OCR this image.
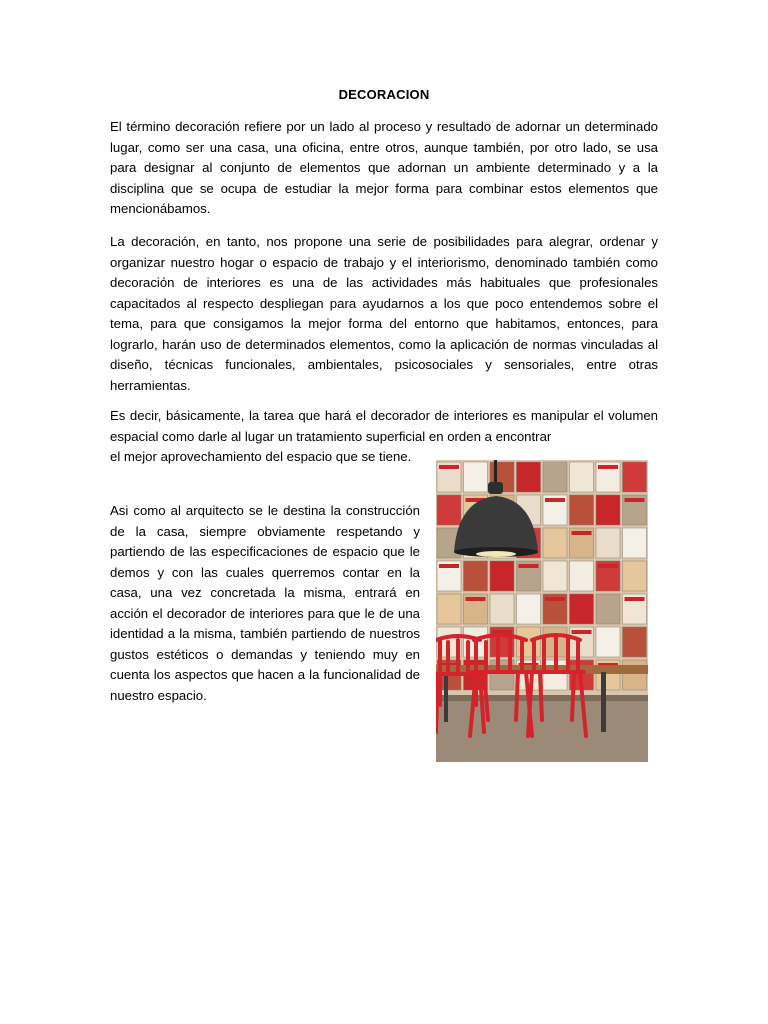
DECORACION

El término decoración refiere por un lado al proceso y resultado de adornar un determinado lugar, como ser una casa, una oficina, entre otros, aunque también, por otro lado, se usa para designar al conjunto de elementos que adornan un ambiente determinado y a la disciplina que se ocupa de estudiar la mejor forma para combinar estos elementos que mencionábamos.

La decoración, en tanto, nos propone una serie de posibilidades para alegrar, ordenar y organizar nuestro hogar o espacio de trabajo y el interiorismo, denominado también como decoración de interiores es una de las actividades más habituales que profesionales capacitados al respecto despliegan para ayudarnos a los que poco entendemos sobre el tema, para que consigamos la mejor forma del entorno que habitamos, entonces, para lograrlo, harán uso de determinados elementos, como la aplicación de normas vinculadas al diseño, técnicas funcionales, ambientales, psicosociales y sensoriales, entre otras herramientas.

Es decir, básicamente, la tarea que hará el decorador de interiores es manipular el volumen espacial como darle al lugar un tratamiento superficial en orden a encontrar

el mejor aprovechamiento del espacio que se tiene.

Asi como al arquitecto se le destina la construcción de la casa, siempre obviamente respetando y partiendo de las especificaciones de espacio que le demos y con las cuales querremos contar en la casa, una vez concretada la misma, entrará en acción el decorador de interiores para que le de una identidad a la misma, también partiendo de nuestros gustos estéticos o demandas y teniendo muy en cuenta los aspectos que hacen a la funcionalidad de nuestro espacio.
